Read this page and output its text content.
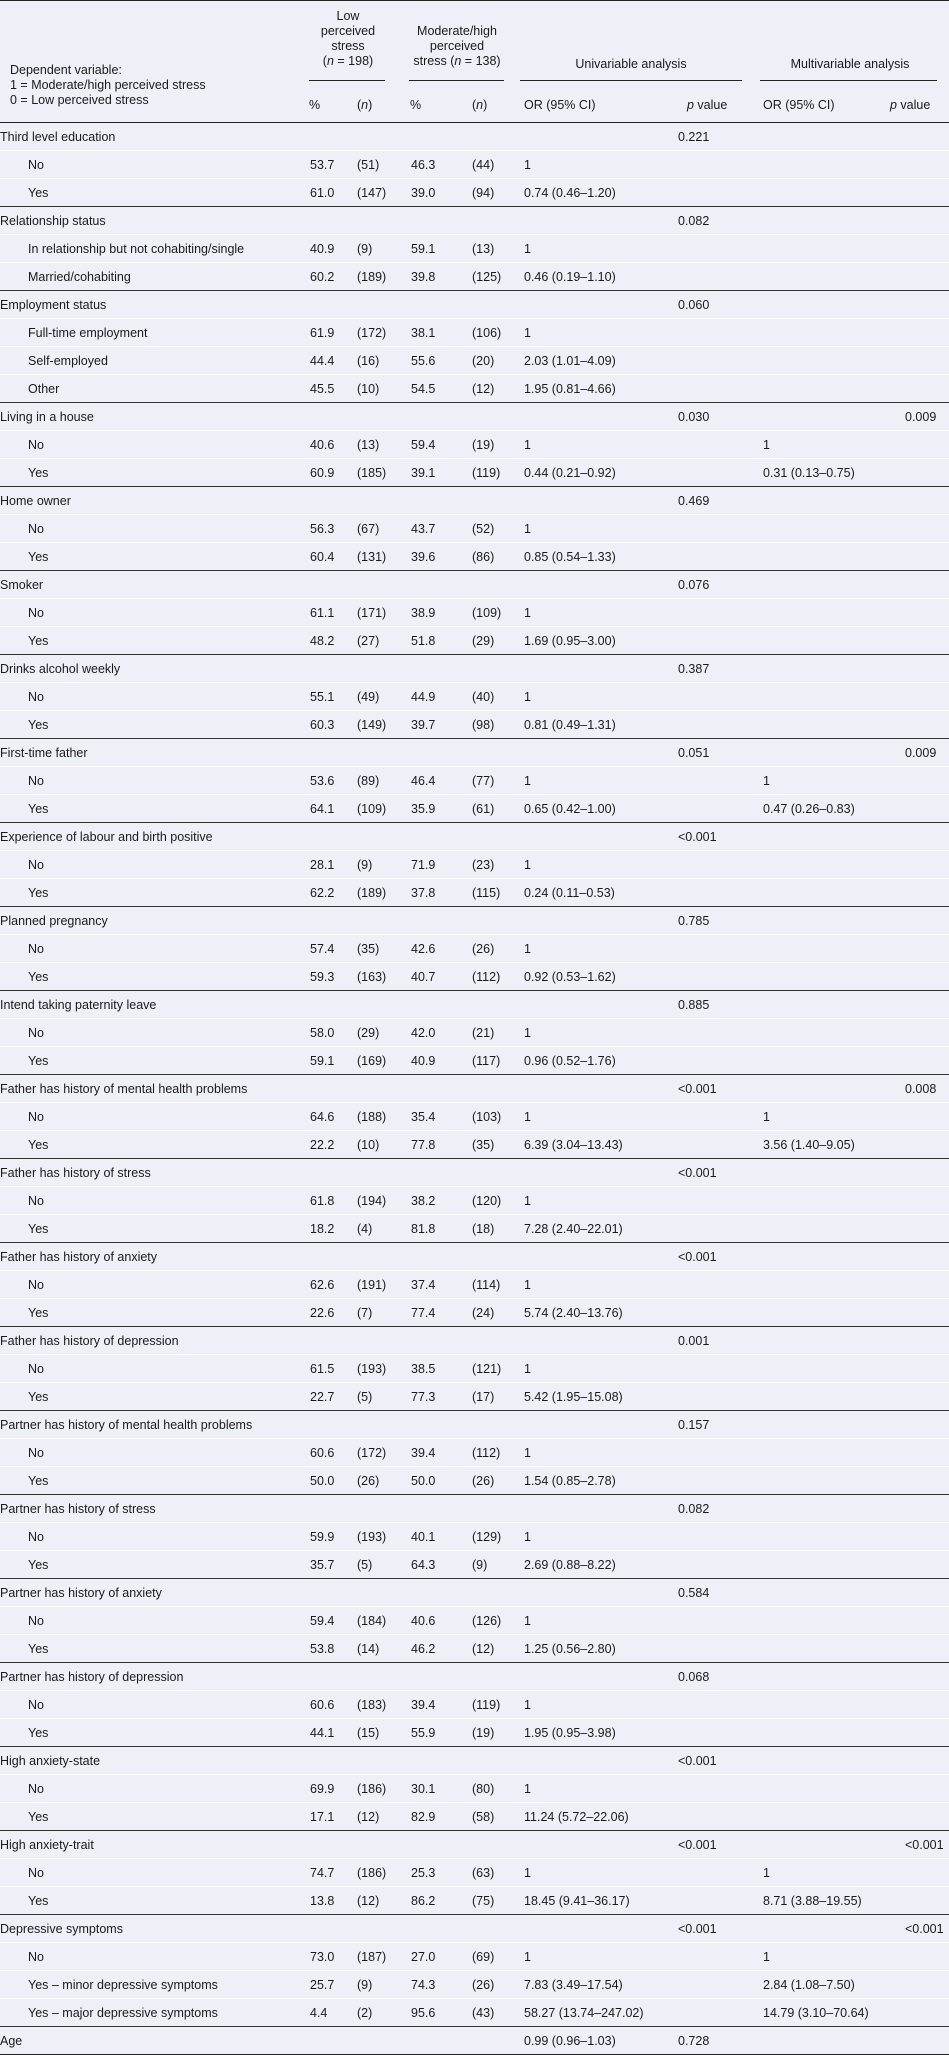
Dependent variable:
1 = Moderate/high perceived stress
0 = Low perceived stress
Low
perceived
stress
(n = 198)
Moderate/high
perceived
stress (n = 138)	Univariable analysis	Multivariable analysis
%	(n)	%	(n)	OR (95% CI)	p value	OR (95% CI)	p value
Third level education						0.221		
No	53.7	(51)	46.3	(44)	1			
Yes	61.0	(147)	39.0	(94)	0.74 (0.46–1.20)			
Relationship status						0.082		
In relationship but not cohabiting/single	40.9	(9)	59.1	(13)	1			
Married/cohabiting	60.2	(189)	39.8	(125)	0.46 (0.19–1.10)			
Employment status						0.060		
Full-time employment	61.9	(172)	38.1	(106)	1			
Self-employed	44.4	(16)	55.6	(20)	2.03 (1.01–4.09)			
Other	45.5	(10)	54.5	(12)	1.95 (0.81–4.66)			
Living in a house						0.030		0.009
No	40.6	(13)	59.4	(19)	1		1	
Yes	60.9	(185)	39.1	(119)	0.44 (0.21–0.92)		0.31 (0.13–0.75)	
Home owner						0.469		
No	56.3	(67)	43.7	(52)	1			
Yes	60.4	(131)	39.6	(86)	0.85 (0.54–1.33)			
Smoker						0.076		
No	61.1	(171)	38.9	(109)	1			
Yes	48.2	(27)	51.8	(29)	1.69 (0.95–3.00)			
Drinks alcohol weekly						0.387		
No	55.1	(49)	44.9	(40)	1			
Yes	60.3	(149)	39.7	(98)	0.81 (0.49–1.31)			
First-time father						0.051		0.009
No	53.6	(89)	46.4	(77)	1		1	
Yes	64.1	(109)	35.9	(61)	0.65 (0.42–1.00)		0.47 (0.26–0.83)	
Experience of labour and birth positive						<0.001		
No	28.1	(9)	71.9	(23)	1			
Yes	62.2	(189)	37.8	(115)	0.24 (0.11–0.53)			
Planned pregnancy						0.785		
No	57.4	(35)	42.6	(26)	1			
Yes	59.3	(163)	40.7	(112)	0.92 (0.53–1.62)			
Intend taking paternity leave						0.885		
No	58.0	(29)	42.0	(21)	1			
Yes	59.1	(169)	40.9	(117)	0.96 (0.52–1.76)			
Father has history of mental health problems						<0.001		0.008
No	64.6	(188)	35.4	(103)	1		1	
Yes	22.2	(10)	77.8	(35)	6.39 (3.04–13.43)		3.56 (1.40–9.05)	
Father has history of stress						<0.001		
No	61.8	(194)	38.2	(120)	1			
Yes	18.2	(4)	81.8	(18)	7.28 (2.40–22.01)			
Father has history of anxiety						<0.001		
No	62.6	(191)	37.4	(114)	1			
Yes	22.6	(7)	77.4	(24)	5.74 (2.40–13.76)			
Father has history of depression						0.001		
No	61.5	(193)	38.5	(121)	1			
Yes	22.7	(5)	77.3	(17)	5.42 (1.95–15.08)			
Partner has history of mental health problems						0.157		
No	60.6	(172)	39.4	(112)	1			
Yes	50.0	(26)	50.0	(26)	1.54 (0.85–2.78)			
Partner has history of stress						0.082		
No	59.9	(193)	40.1	(129)	1			
Yes	35.7	(5)	64.3	(9)	2.69 (0.88–8.22)			
Partner has history of anxiety						0.584		
No	59.4	(184)	40.6	(126)	1			
Yes	53.8	(14)	46.2	(12)	1.25 (0.56–2.80)			
Partner has history of depression						0.068		
No	60.6	(183)	39.4	(119)	1			
Yes	44.1	(15)	55.9	(19)	1.95 (0.95–3.98)			
High anxiety-state						<0.001		
No	69.9	(186)	30.1	(80)	1			
Yes	17.1	(12)	82.9	(58)	11.24 (5.72–22.06)			
High anxiety-trait						<0.001		<0.001
No	74.7	(186)	25.3	(63)	1		1	
Yes	13.8	(12)	86.2	(75)	18.45 (9.41–36.17)		8.71 (3.88–19.55)	
Depressive symptoms						<0.001		<0.001
No	73.0	(187)	27.0	(69)	1		1	
Yes – minor depressive symptoms	25.7	(9)	74.3	(26)	7.83 (3.49–17.54)		2.84 (1.08–7.50)	
Yes – major depressive symptoms	4.4	(2)	95.6	(43)	58.27 (13.74–247.02)		14.79 (3.10–70.64)	
Age					0.99 (0.96–1.03)	0.728		
